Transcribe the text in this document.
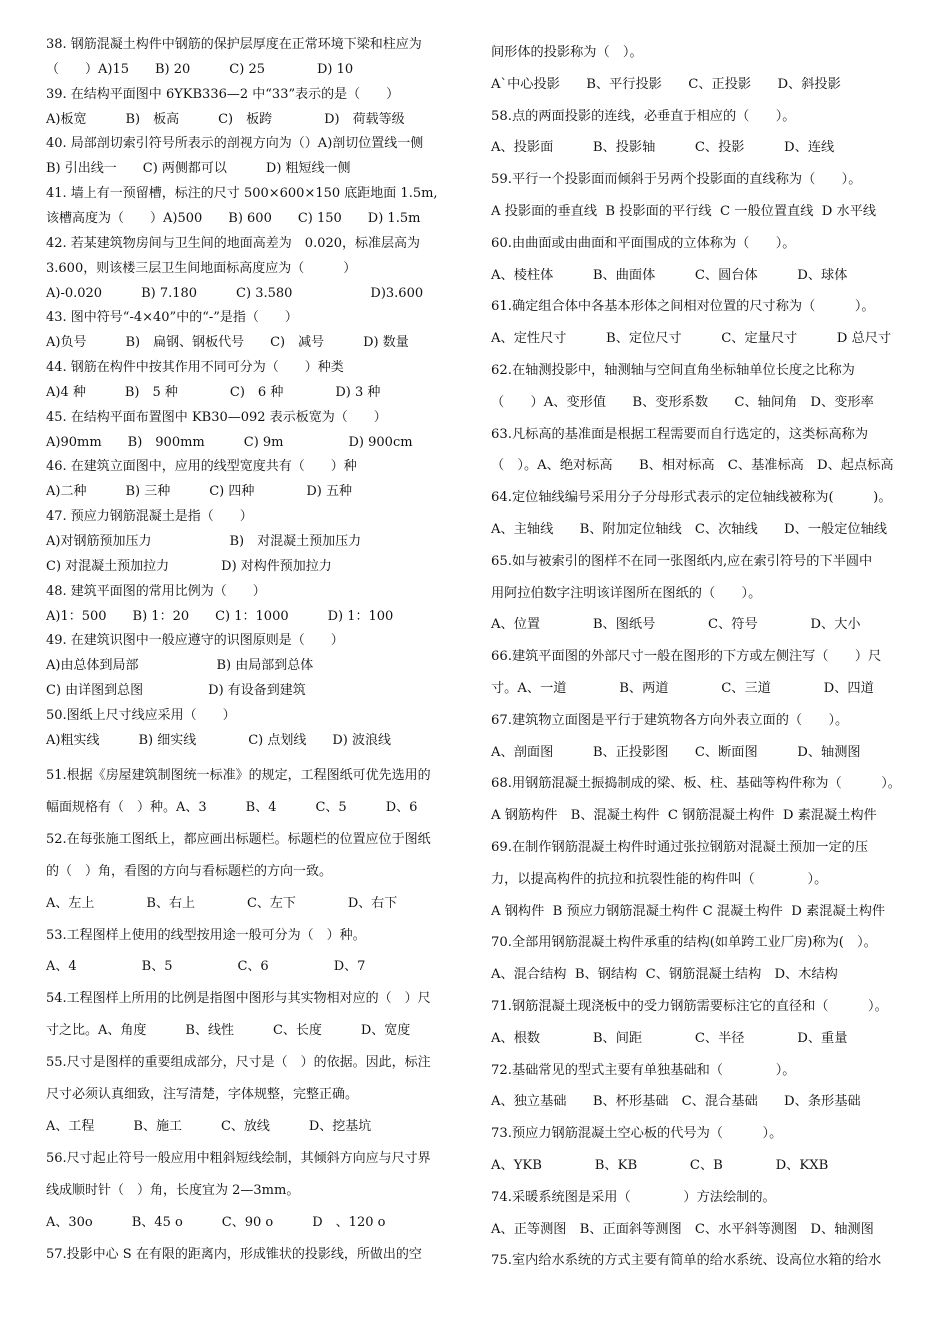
38. 钢筋混凝土构件中钢筋的保护层厚度在正常环境下梁和柱应为
（　　）A)15　　B) 20　　　C) 25　　　　D) 10
39. 在结构平面图中 6YKB336—2 中“33”表示的是（　　）
A)板宽　　　B)　板高　　　C)　板跨　　　　D)　荷载等级
40. 局部剖切索引符号所表示的剖视方向为（）A)剖切位置线一侧
B) 引出线一　　C) 两侧都可以　　　D) 粗短线一侧
41. 墙上有一预留槽，标注的尺寸 500×600×150 底距地面 1.5m,
该槽高度为（　　）A)500　　B) 600　　C) 150　　D) 1.5m
42. 若某建筑物房间与卫生间的地面高差为　0.020，标准层高为
3.600，则该楼三层卫生间地面标高度应为（　　　）
A)-0.020　　　B) 7.180　　　C) 3.580　　　　　　D)3.600
43. 图中符号“-4×40”中的“-”是指（　　）
A)负号　　　B)　扁钢、钢板代号　　C)　减号　　　D) 数量
44. 钢筋在构件中按其作用不同可分为（　　）种类
A)4 种　　　B)　5 种　　　　C)　6 种　　　　D) 3 种
45. 在结构平面布置图中 KB30—092 表示板宽为（　　）
A)90mm　　B)　900mm　　　C) 9m　　　　　D) 900cm
46. 在建筑立面图中，应用的线型宽度共有（　　）种
A)二种　　　B) 三种　　　C) 四种　　　　D) 五种
47. 预应力钢筋混凝土是指（　　）
A)对钢筋预加压力　　　　　　B)　对混凝土预加压力
C) 对混凝土预加拉力　　　　D) 对构件预加拉力
48. 建筑平面图的常用比例为（　　）
A)1：500　　B) 1：20　　C) 1：1000　　　D) 1：100
49. 在建筑识图中一般应遵守的识图原则是（　　）
A)由总体到局部　　　　　　B) 由局部到总体
C) 由详图到总图　　　　　D) 有设备到建筑
50.图纸上尺寸线应采用（　　）
A)粗实线　　　B) 细实线　　　　C) 点划线　　D) 波浪线
51.根据《房屋建筑制图统一标准》的规定，工程图纸可优先选用的
幅面规格有（　）种。A、3　　　B、4　　　C、5　　　D、6
52.在每张施工图纸上，都应画出标题栏。标题栏的位置应位于图纸
的（　）角，看图的方向与看标题栏的方向一致。
A、左上　　　　B、右上　　　　C、左下　　　　D、右下
53.工程图样上使用的线型按用途一般可分为（　）种。
A、4　　　　　B、5　　　　　C、6　　　　　D、7
54.工程图样上所用的比例是指图中图形与其实物相对应的（　）尺
寸之比。A、角度　　　B、线性　　　C、长度　　　D、宽度
55.尺寸是图样的重要组成部分，尺寸是（　）的依据。因此，标注
尺寸必须认真细致，注写清楚，字体规整，完整正确。
A、工程　　　B、施工　　　C、放线　　　D、挖基坑
56.尺寸起止符号一般应用中粗斜短线绘制，其倾斜方向应与尺寸界
线成顺时针（　）角，长度宜为 2—3mm。
A、30o　　　B、45 o　　　C、90 o　　　D　、120 o
57.投影中心 S 在有限的距离内，形成锥状的投影线，所做出的空
间形体的投影称为（　）。
A`中心投影　　B、平行投影　　C、正投影　　D、斜投影
58.点的两面投影的连线，必垂直于相应的（　　）。
A、投影面　　　B、投影轴　　　C、投影　　　D、连线
59.平行一个投影面而倾斜于另两个投影面的直线称为（　　）。
A 投影面的垂直线  B 投影面的平行线  C 一般位置直线  D 水平线
60.由曲面或由曲面和平面围成的立体称为（　　）。
A、棱柱体　　　B、曲面体　　　C、圆台体　　　D、球体
61.确定组合体中各基本形体之间相对位置的尺寸称为（　　　）。
A、定性尺寸　　　B、定位尺寸　　　C、定量尺寸　　　D 总尺寸
62.在轴测投影中，轴测轴与空间直角坐标轴单位长度之比称为
（　　）A、变形值　　B、变形系数　　C、轴间角　D、变形率
63.凡标高的基准面是根据工程需要而自行选定的，这类标高称为
（　）。A、绝对标高　　B、相对标高　C、基准标高　D、起点标高
64.定位轴线编号采用分子分母形式表示的定位轴线被称为(　　　)。
A、主轴线　　B、附加定位轴线　C、次轴线　　D、一般定位轴线
65.如与被索引的图样不在同一张图纸内,应在索引符号的下半圆中
用阿拉伯数字注明该详图所在图纸的（　　）。
A、位置　　　　B、图纸号　　　　C、符号　　　　D、大小
66.建筑平面图的外部尺寸一般在图形的下方或左侧注写（　　）尺
寸。A、一道　　　　B、两道　　　　C、三道　　　　D、四道
67.建筑物立面图是平行于建筑物各方向外表立面的（　　）。
A、剖面图　　　B、正投影图　　C、断面图　　　D、轴测图
68.用钢筋混凝土振捣制成的梁、板、柱、基础等构件称为（　　　）。
A 钢筋构件　B、混凝土构件  C 钢筋混凝土构件  D 素混凝土构件
69.在制作钢筋混凝土构件时通过张拉钢筋对混凝土预加一定的压
力，以提高构件的抗拉和抗裂性能的构件叫（　　　　）。
A 钢构件  B 预应力钢筋混凝土构件 C 混凝土构件  D 素混凝土构件
70.全部用钢筋混凝土构件承重的结构(如单跨工业厂房)称为(　）。
A、混合结构  B、钢结构  C、钢筋混凝土结构　D、木结构
71.钢筋混凝土现浇板中的受力钢筋需要标注它的直径和（　　　）。
A、根数　　　　B、间距　　　　C、半径　　　　D、重量
72.基础常见的型式主要有单独基础和（　　　　）。
A、独立基础　　B、杯形基础　C、混合基础　　D、条形基础
73.预应力钢筋混凝土空心板的代号为（　　　）。
A、YKB　　　　B、KB　　　　C、B　　　　D、KXB
74.采暖系统图是采用（　　　　）方法绘制的。
A、正等测图　B、正面斜等测图　C、水平斜等测图　D、轴测图
75.室内给水系统的方式主要有简单的给水系统、设高位水箱的给水
